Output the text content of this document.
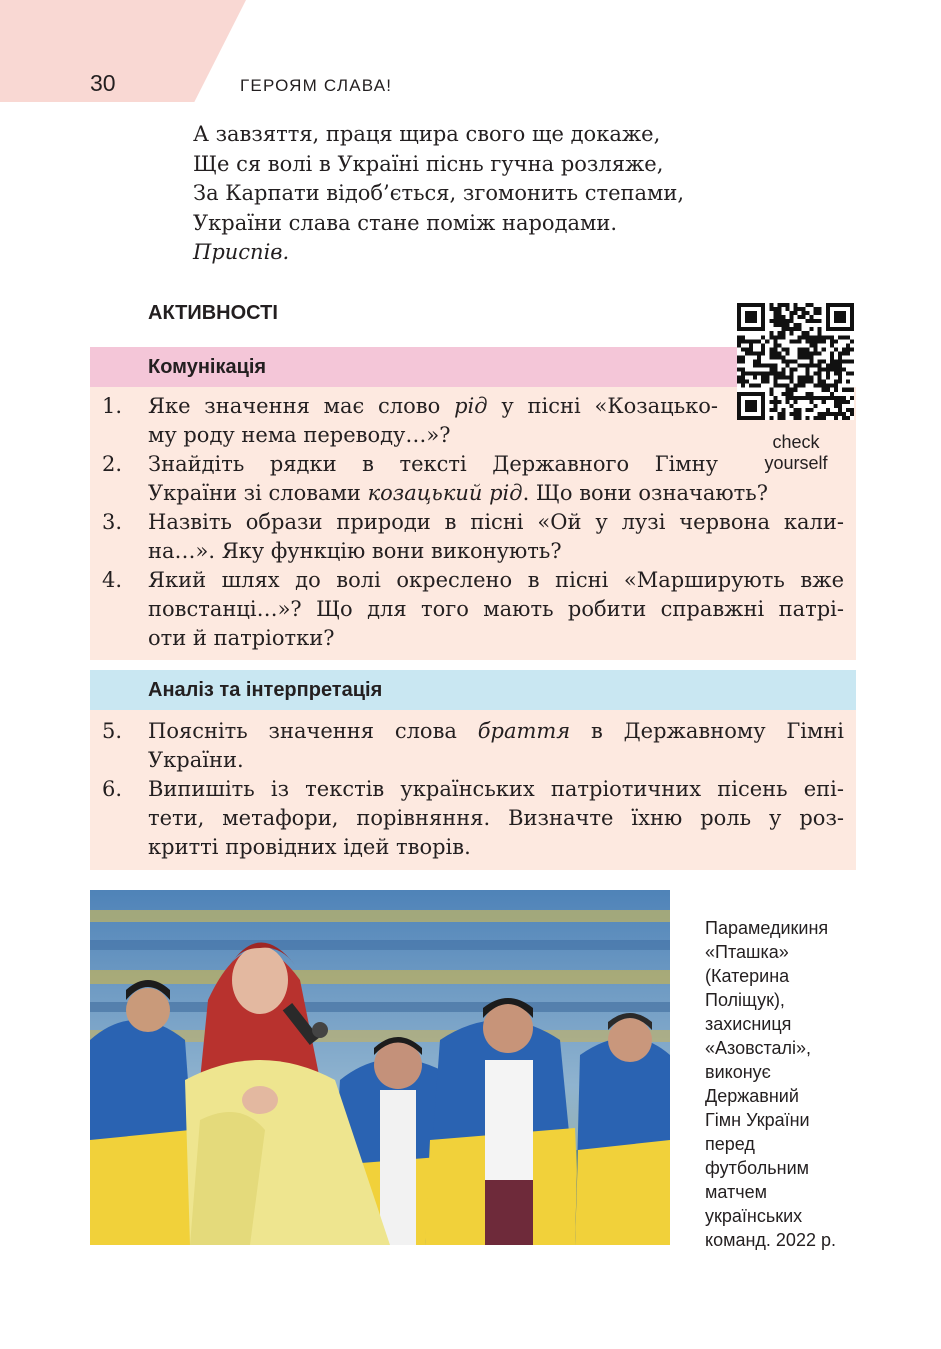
30	ГЕРОЯМ СЛАВА!
А завзяття, праця щира свого ще докаже,
Ще ся волі в Україні піснь гучна розляже,
За Карпати відоб’ється, згомонить степами,
України слава стане поміж народами.
Приспів.
АКТИВНОСТІ
Комунікація
check
yourself
1. Яке значення має слово рід у пісні «Козацько-
му роду нема переводу…»?
2. Знайдіть рядки в тексті Державного Гімну
України зі словами козацький рід. Що вони означають?
3. Назвіть образи природи в пісні «Ой у лузі червона кали-
на…». Яку функцію вони виконують?
4. Який шлях до волі окреслено в пісні «Марширують вже
повстанці…»? Що для того мають робити справжні патрі-
оти й патріотки?
Аналіз та інтерпретація
5. Поясніть значення слова браття в Державному Гімні
України.
6. Випишіть із текстів українських патріотичних пісень епі-
тети, метафори, порівняння. Визначте їхню роль у роз-
критті провідних ідей творів.
Парамедикиня
«Пташка»
(Катерина
Поліщук),
захисниця
«Азовсталі»,
виконує
Державний
Гімн України
перед
футбольним
матчем
українських
команд. 2022 р.
